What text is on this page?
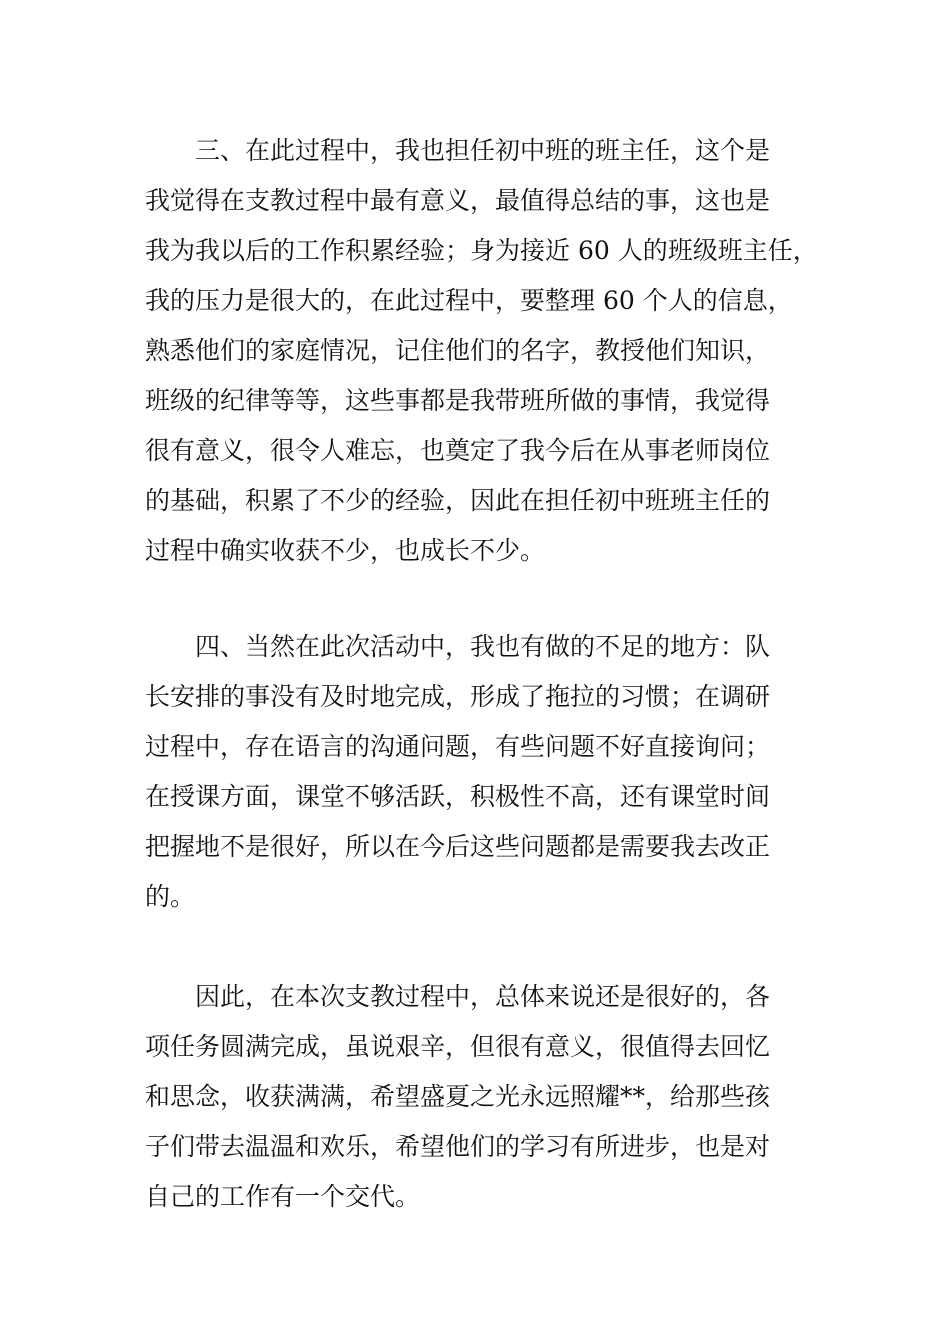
三、在此过程中，我也担任初中班的班主任，这个是
我觉得在支教过程中最有意义，最值得总结的事，这也是
我为我以后的工作积累经验；身为接近 60 人的班级班主任，
我的压力是很大的，在此过程中，要整理 60 个人的信息，
熟悉他们的家庭情况，记住他们的名字，教授他们知识，
班级的纪律等等，这些事都是我带班所做的事情，我觉得
很有意义，很令人难忘，也奠定了我今后在从事老师岗位
的基础，积累了不少的经验，因此在担任初中班班主任的
过程中确实收获不少，也成长不少。
四、当然在此次活动中，我也有做的不足的地方：队
长安排的事没有及时地完成，形成了拖拉的习惯；在调研
过程中，存在语言的沟通问题，有些问题不好直接询问；
在授课方面，课堂不够活跃，积极性不高，还有课堂时间
把握地不是很好，所以在今后这些问题都是需要我去改正
的。
因此，在本次支教过程中，总体来说还是很好的，各
项任务圆满完成，虽说艰辛，但很有意义，很值得去回忆
和思念，收获满满，希望盛夏之光永远照耀**，给那些孩
子们带去温温和欢乐，希望他们的学习有所进步，也是对
自己的工作有一个交代。
